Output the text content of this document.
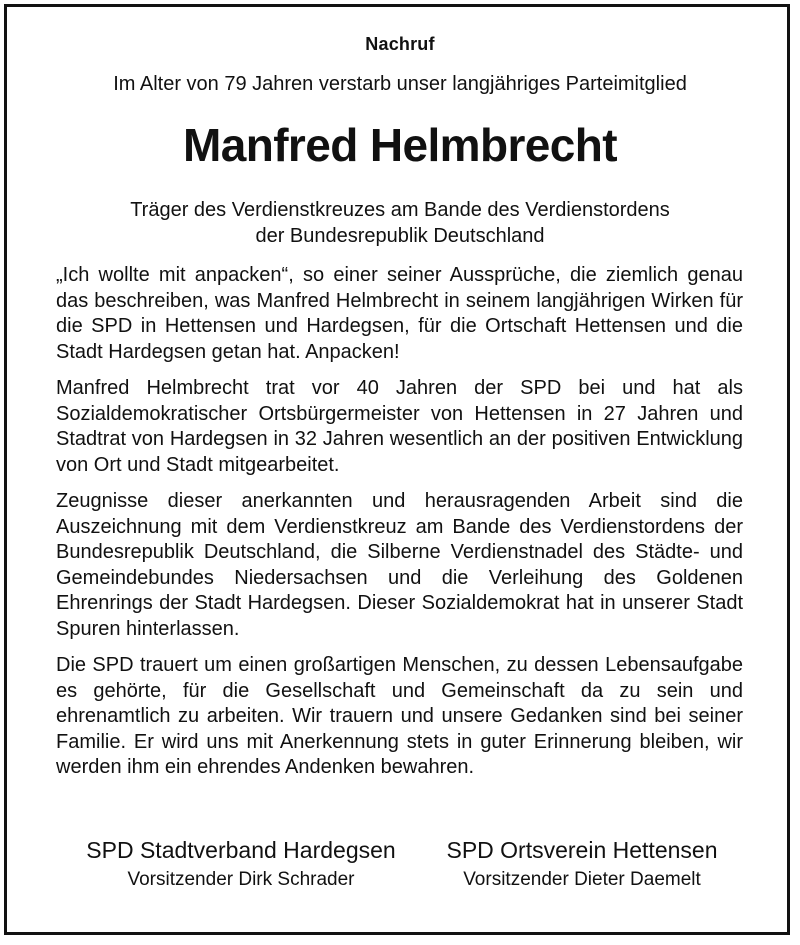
Nachruf
Im Alter von 79 Jahren verstarb unser langjähriges Parteimitglied
Manfred Helmbrecht
Träger des Verdienstkreuzes am Bande des Verdienstordens
der Bundesrepublik Deutschland

„Ich wollte mit anpacken“, so einer seiner Aussprüche, die ziemlich genau das beschreiben, was Manfred Helmbrecht in seinem langjährigen Wirken für die SPD in Hettensen und Hardegsen, für die Ortschaft Hettensen und die Stadt Hardegsen getan hat. Anpacken!

Manfred Helmbrecht trat vor 40 Jahren der SPD bei und hat als Sozialdemokratischer Ortsbürgermeister von Hettensen in 27 Jahren und Stadtrat von Hardegsen in 32 Jahren wesentlich an der positiven Entwicklung von Ort und Stadt mitgearbeitet.

Zeugnisse dieser anerkannten und herausragenden Arbeit sind die Auszeichnung mit dem Verdienstkreuz am Bande des Verdienstordens der Bundesrepublik Deutschland, die Silberne Verdienstnadel des Städte- und Gemeindebundes Niedersachsen und die Verleihung des Goldenen Ehrenrings der Stadt Hardegsen. Dieser Sozialdemokrat hat in unserer Stadt Spuren hinterlassen.

Die SPD trauert um einen großartigen Menschen, zu dessen Lebensaufgabe es gehörte, für die Gesellschaft und Gemeinschaft da zu sein und ehrenamtlich zu arbeiten. Wir trauern und unsere Gedanken sind bei seiner Familie. Er wird uns mit Anerkennung stets in guter Erinnerung bleiben, wir werden ihm ein ehrendes Andenken bewahren.

SPD Stadtverband Hardegsen
Vorsitzender Dirk Schrader
SPD Ortsverein Hettensen
Vorsitzender Dieter Daemelt
